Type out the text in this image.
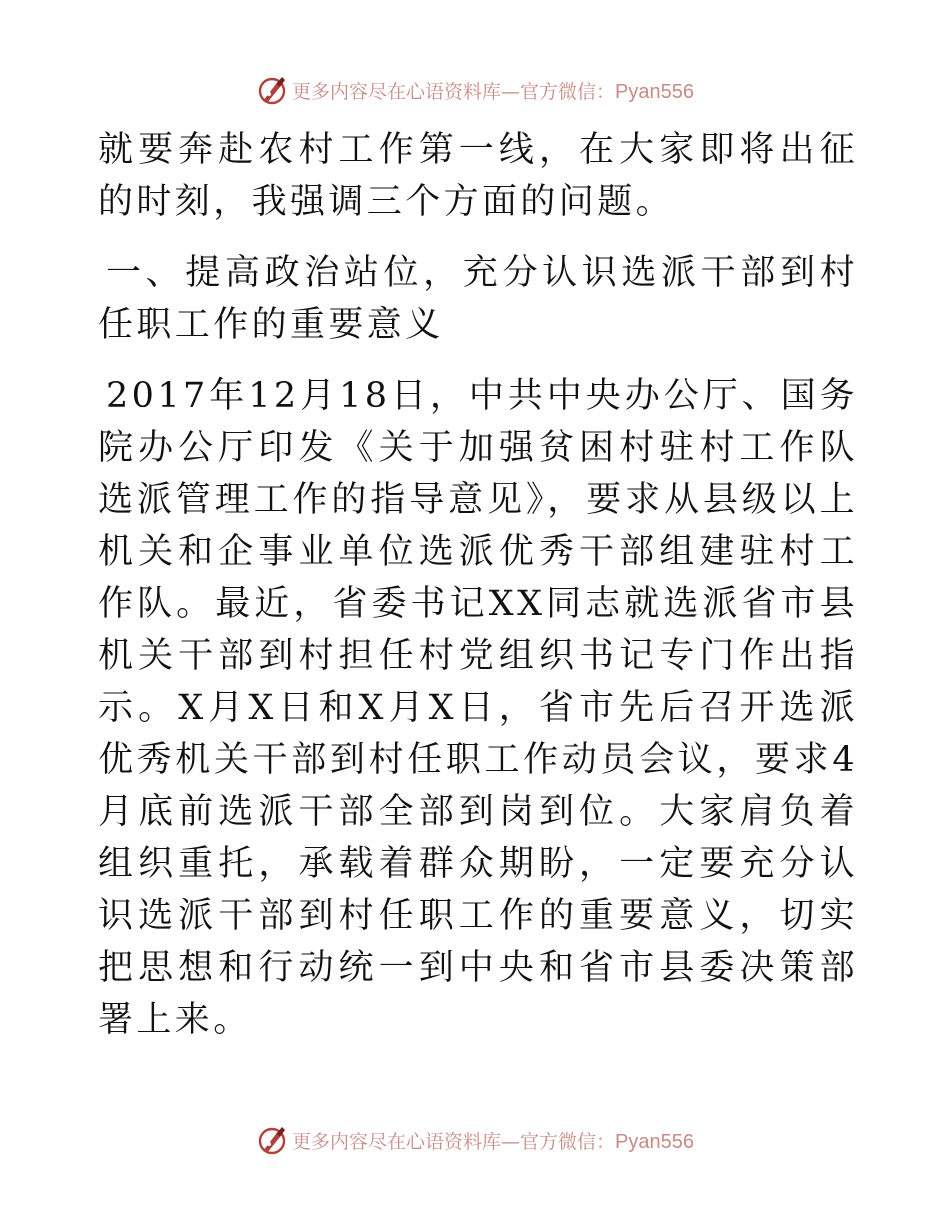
更多内容尽在心语资料库—官方微信：Pyan556

就要奔赴农村工作第一线，在大家即将出征的时刻，我强调三个方面的问题。

一、提高政治站位，充分认识选派干部到村任职工作的重要意义

2017年12月18日，中共中央办公厅、国务院办公厅印发《关于加强贫困村驻村工作队选派管理工作的指导意见》，要求从县级以上机关和企事业单位选派优秀干部组建驻村工作队。最近，省委书记XX同志就选派省市县机关干部到村担任村党组织书记专门作出指示。X月X日和X月X日，省市先后召开选派优秀机关干部到村任职工作动员会议，要求4月底前选派干部全部到岗到位。大家肩负着组织重托，承载着群众期盼，一定要充分认识选派干部到村任职工作的重要意义，切实把思想和行动统一到中央和省市县委决策部署上来。

更多内容尽在心语资料库—官方微信：Pyan556
